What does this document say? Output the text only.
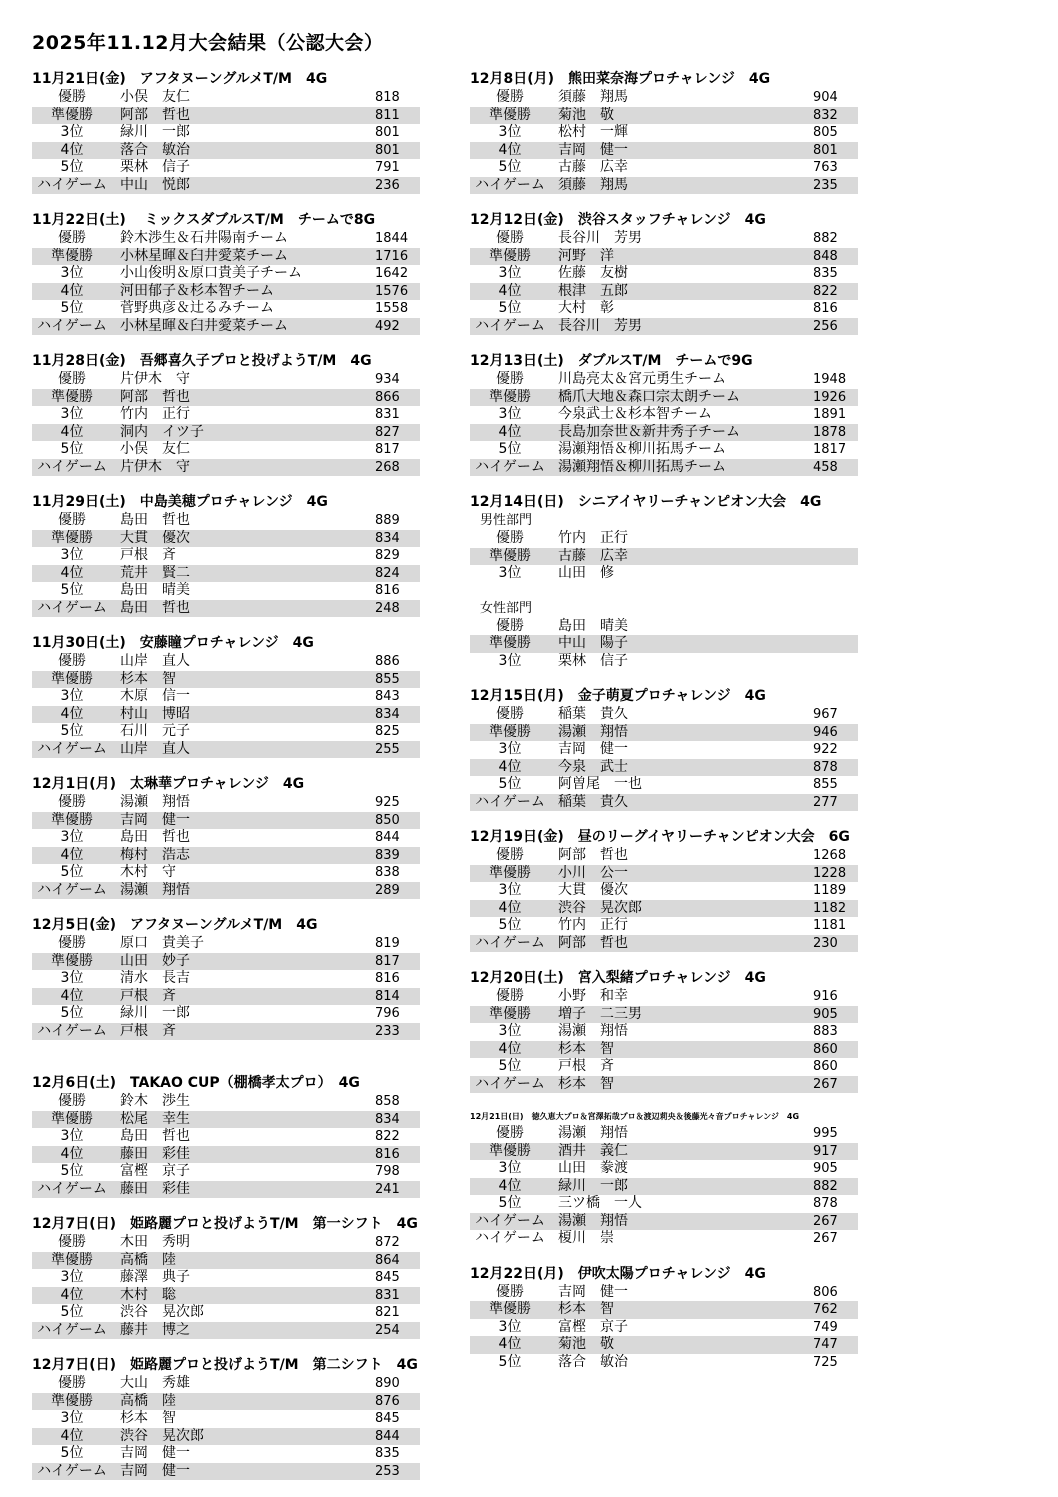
2025年11.12月大会結果（公認大会）
11月21日(金)　アフタヌーングルメT/M　4G
優勝	小俣　友仁	818
準優勝	阿部　哲也	811
3位	緑川　一郎	801
4位	落合　敏治	801
5位	栗林　信子	791
ハイゲーム 中山　悦郎	236
11月22日(土)　 ミックスダブルスT/M　チームで8G
優勝	鈴木渉生＆石井陽南チーム	1844
準優勝	小林星暉＆臼井愛菜チーム	1716
3位	小山俊明＆原口貴美子チーム	1642
4位	河田郁子＆杉本智チーム	1576
5位	菅野典彦＆辻るみチーム	1558
ハイゲーム 小林星暉＆臼井愛菜チーム	492
11月28日(金)　吾郷喜久子プロと投げようT/M　4G
優勝	片伊木　守	934
準優勝	阿部　哲也	866
3位	竹内　正行	831
4位	洞内　イツ子	827
5位	小俣　友仁	817
ハイゲーム 片伊木　守	268
11月29日(土)　中島美穂プロチャレンジ　4G
優勝	島田　哲也	889
準優勝	大貫　優次	834
3位	戸根　斉	829
4位	荒井　賢二	824
5位	島田　晴美	816
ハイゲーム 島田　哲也	248
11月30日(土)　安藤瞳プロチャレンジ　4G
優勝	山岸　直人	886
準優勝	杉本　智	855
3位	木原　信一	843
4位	村山　博昭	834
5位	石川　元子	825
ハイゲーム 山岸　直人	255
12月1日(月)　太琳華プロチャレンジ　4G
優勝	湯瀬　翔悟	925
準優勝	吉岡　健一	850
3位	島田　哲也	844
4位	梅村　浩志	839
5位	木村　守	838
ハイゲーム 湯瀬　翔悟	289
12月5日(金)　アフタヌーングルメT/M　4G
優勝	原口　貴美子	819
準優勝	山田　妙子	817
3位	清水　長吉	816
4位	戸根　斉	814
5位	緑川　一郎	796
ハイゲーム 戸根　斉	233
12月6日(土)　TAKAO CUP（棚橋孝太プロ）　4G
優勝	鈴木　渉生	858
準優勝	松尾　幸生	834
3位	島田　哲也	822
4位	藤田　彩佳	816
5位	富樫　京子	798
ハイゲーム 藤田　彩佳	241
12月7日(日)　姫路麗プロと投げようT/M　第一シフト　4G
優勝	木田　秀明	872
準優勝	高橋　陸	864
3位	藤澤　典子	845
4位	木村　聡	831
5位	渋谷　晃次郎	821
ハイゲーム 藤井　博之	254
12月7日(日)　姫路麗プロと投げようT/M　第二シフト　4G
優勝	大山　秀雄	890
準優勝	高橋　陸	876
3位	杉本　智	845
4位	渋谷　晃次郎	844
5位	吉岡　健一	835
ハイゲーム 吉岡　健一	253
12月8日(月)　熊田菜奈海プロチャレンジ　4G
優勝	須藤　翔馬	904
準優勝	菊池　敬	832
3位	松村　一輝	805
4位	吉岡　健一	801
5位	古藤　広幸	763
ハイゲーム 須藤　翔馬	235
12月12日(金)　渋谷スタッフチャレンジ　4G
優勝	長谷川　芳男	882
準優勝	河野　洋	848
3位	佐藤　友樹	835
4位	根津　五郎	822
5位	大村　彰	816
ハイゲーム 長谷川　芳男	256
12月13日(土)　ダブルスT/M　チームで9G
優勝	川島亮太＆宮元勇生チーム	1948
準優勝	橋爪大地＆森口宗太朗チーム	1926
3位	今泉武士＆杉本智チーム	1891
4位	長島加奈世＆新井秀子チーム	1878
5位	湯瀬翔悟＆柳川拓馬チーム	1817
ハイゲーム 湯瀬翔悟＆柳川拓馬チーム	458
12月14日(日)　シニアイヤリーチャンピオン大会　4G
男性部門
優勝	竹内　正行
準優勝	古藤　広幸
3位	山田　修
女性部門
優勝	島田　晴美
準優勝	中山　陽子
3位	栗林　信子
12月15日(月)　金子萌夏プロチャレンジ　4G
優勝	稲葉　貴久	967
準優勝	湯瀬　翔悟	946
3位	吉岡　健一	922
4位	今泉　武士	878
5位	阿曽尾　一也	855
ハイゲーム 稲葉　貴久	277
12月19日(金)　昼のリーグイヤリーチャンピオン大会　6G
優勝	阿部　哲也	1268
準優勝	小川　公一	1228
3位	大貫　優次	1189
4位	渋谷　晃次郎	1182
5位	竹内　正行	1181
ハイゲーム 阿部　哲也	230
12月20日(土)　宮入梨緒プロチャレンジ　4G
優勝	小野　和幸	916
準優勝	増子　二三男	905
3位	湯瀬　翔悟	883
4位	杉本　智	860
5位	戸根　斉	860
ハイゲーム 杉本　智	267
12月21日(日)　徳久恵大プロ＆宮澤拓哉プロ＆渡辺莉央＆後藤光々音プロチャレンジ　4G
優勝	湯瀬　翔悟	995
準優勝	酒井　義仁	917
3位	山田　豢渡	905
4位	緑川　一郎	882
5位	三ツ橋　一人	878
ハイゲーム 湯瀬　翔悟	267
ハイゲーム 榎川　崇	267
12月22日(月)　伊吹太陽プロチャレンジ　4G
優勝	吉岡　健一	806
準優勝	杉本　智	762
3位	富樫　京子	749
4位	菊池　敬	747
5位	落合　敏治	725
